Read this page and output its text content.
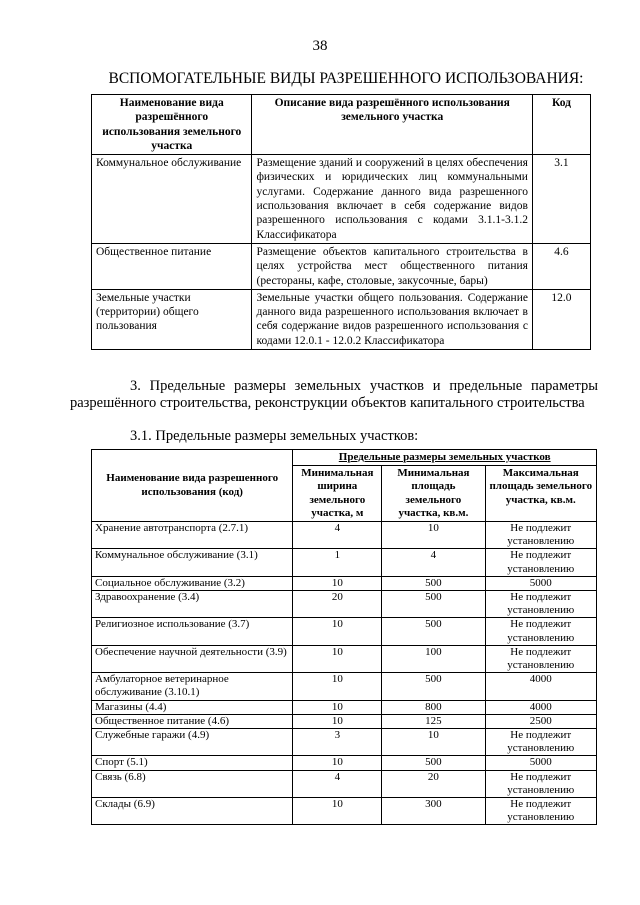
38
ВСПОМОГАТЕЛЬНЫЕ ВИДЫ РАЗРЕШЕННОГО ИСПОЛЬЗОВАНИЯ:
Наименование вида разрешённого использования земельного участка	Описание вида разрешённого использования земельного участка	Код
Коммунальное обслуживание	Размещение зданий и сооружений в целях обеспечения физических и юридических лиц коммунальными услугами. Содержание данного вида разрешенного использования включает в себя содержание видов разрешенного использования с кодами 3.1.1-3.1.2 Классификатора	3.1
Общественное питание	Размещение объектов капитального строительства в целях устройства мест общественного питания (рестораны, кафе, столовые, закусочные, бары)	4.6
Земельные участки (территории) общего пользования	Земельные участки общего пользования. Содержание данного вида разрешенного использования включает в себя содержание видов разрешенного использования с кодами 12.0.1 - 12.0.2 Классификатора	12.0
3. Предельные размеры земельных участков и предельные параметры разрешённого строительства, реконструкции объектов капитального строительства
3.1. Предельные размеры земельных участков:
Наименование вида разрешенного использования (код)	Предельные размеры земельных участков		
	Минимальная ширина земельного участка, м	Минимальная площадь земельного участка, кв.м.	Максимальная площадь земельного участка, кв.м.
Хранение автотранспорта (2.7.1)	4	10	Не подлежит установлению
Коммунальное обслуживание (3.1)	1	4	Не подлежит установлению
Социальное обслуживание (3.2)	10	500	5000
Здравоохранение (3.4)	20	500	Не подлежит установлению
Религиозное использование (3.7)	10	500	Не подлежит установлению
Обеспечение научной деятельности (3.9)	10	100	Не подлежит установлению
Амбулаторное ветеринарное обслуживание (3.10.1)	10	500	4000
Магазины (4.4)	10	800	4000
Общественное питание (4.6)	10	125	2500
Служебные гаражи (4.9)	3	10	Не подлежит установлению
Спорт (5.1)	10	500	5000
Связь (6.8)	4	20	Не подлежит установлению
Склады (6.9)	10	300	Не подлежит установлению
